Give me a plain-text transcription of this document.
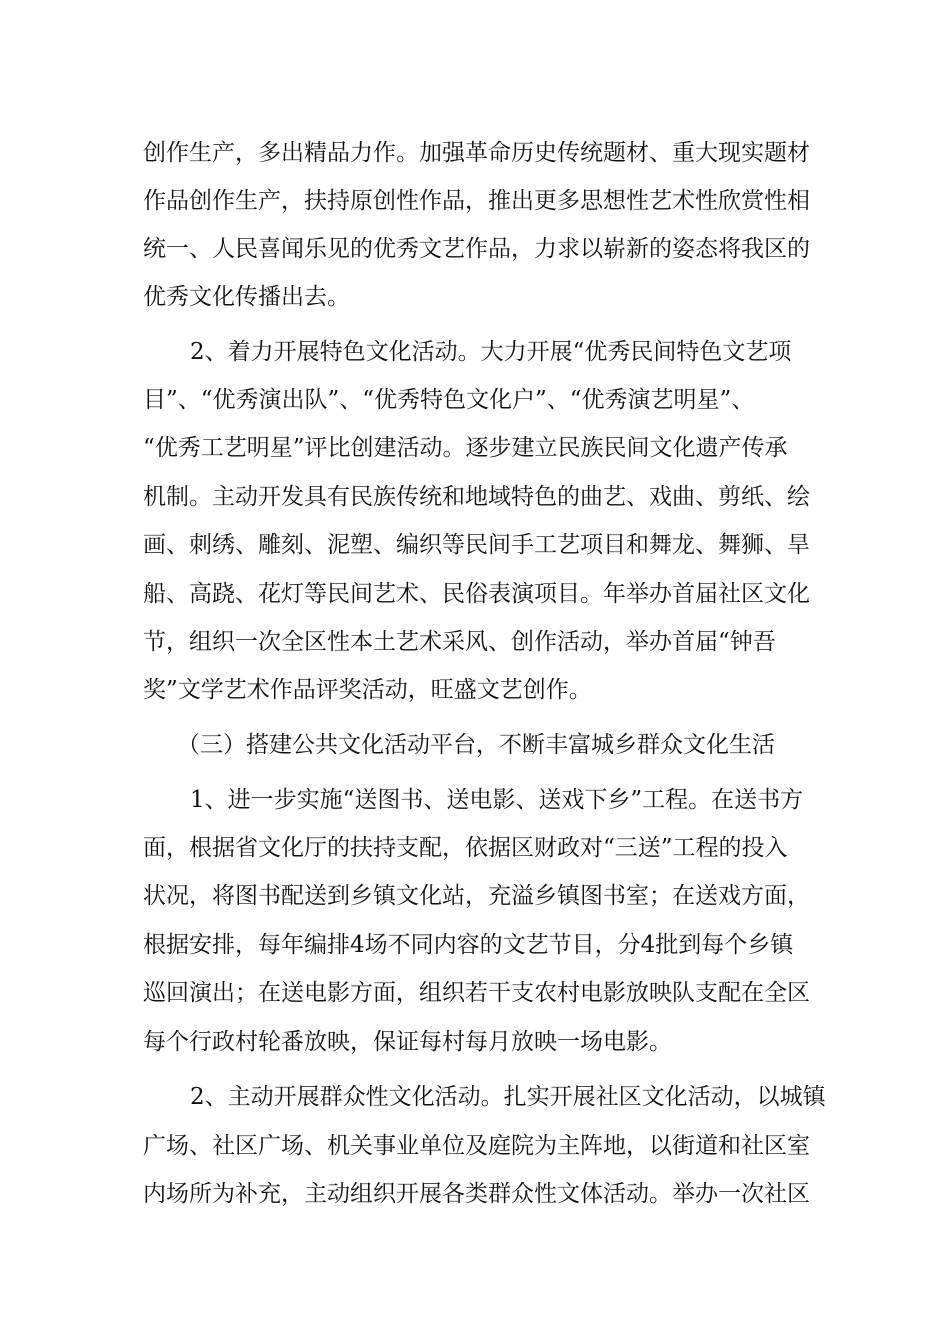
创作生产，多出精品力作。加强革命历史传统题材、重大现实题材
作品创作生产，扶持原创性作品，推出更多思想性艺术性欣赏性相
统一、人民喜闻乐见的优秀文艺作品，力求以崭新的姿态将我区的
优秀文化传播出去。
2、着力开展特色文化活动。大力开展“优秀民间特色文艺项
目”、“优秀演出队”、“优秀特色文化户”、“优秀演艺明星”、
“优秀工艺明星”评比创建活动。逐步建立民族民间文化遗产传承
机制。主动开发具有民族传统和地域特色的曲艺、戏曲、剪纸、绘
画、刺绣、雕刻、泥塑、编织等民间手工艺项目和舞龙、舞狮、旱
船、高跷、花灯等民间艺术、民俗表演项目。年举办首届社区文化
节，组织一次全区性本土艺术采风、创作活动，举办首届“钟吾
奖”文学艺术作品评奖活动，旺盛文艺创作。
（三）搭建公共文化活动平台，不断丰富城乡群众文化生活
1、进一步实施“送图书、送电影、送戏下乡”工程。在送书方
面，根据省文化厅的扶持支配，依据区财政对“三送”工程的投入
状况，将图书配送到乡镇文化站，充溢乡镇图书室；在送戏方面，
根据安排，每年编排4场不同内容的文艺节目，分4批到每个乡镇
巡回演出；在送电影方面，组织若干支农村电影放映队支配在全区
每个行政村轮番放映，保证每村每月放映一场电影。
2、主动开展群众性文化活动。扎实开展社区文化活动，以城镇
广场、社区广场、机关事业单位及庭院为主阵地，以街道和社区室
内场所为补充，主动组织开展各类群众性文体活动。举办一次社区
